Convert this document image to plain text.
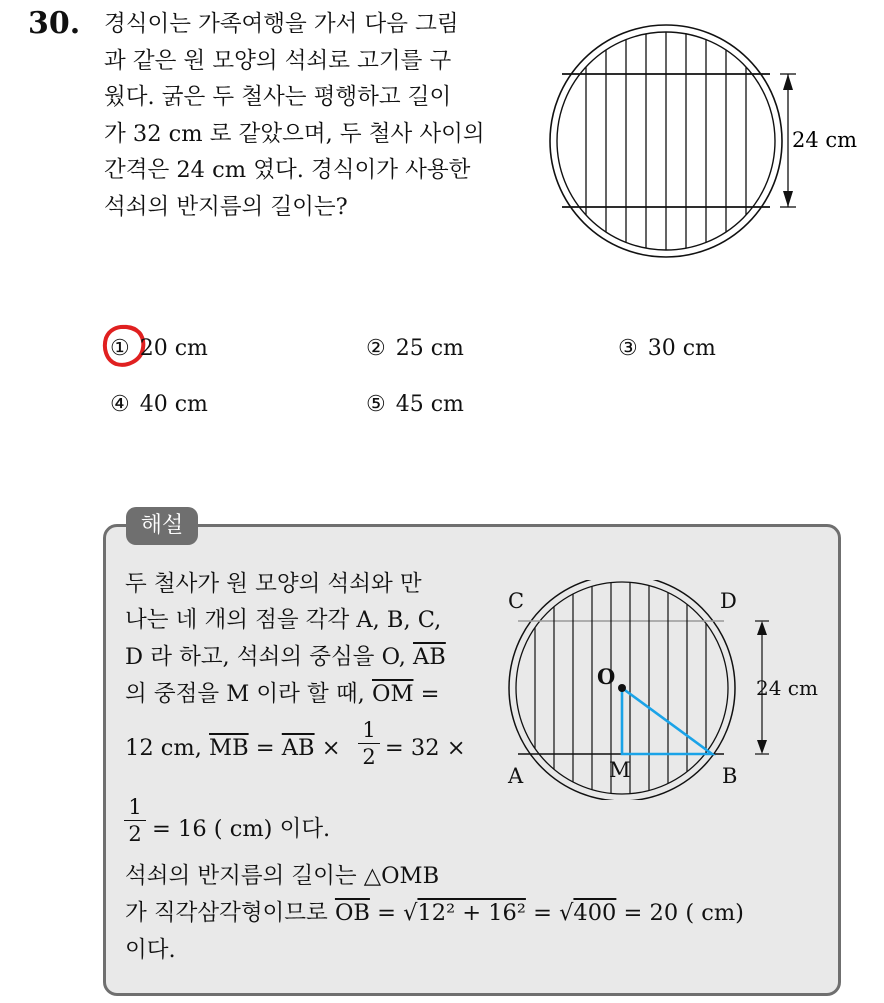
30. 경식이는 가족여행을 가서 다음 그림
과 같은 원 모양의 석쇠로 고기를 구
웠다. 굵은 두 철사는 평행하고 길이
가 32 cm 로 같았으며, 두 철사 사이의
간격은 24 cm 였다. 경식이가 사용한
석쇠의 반지름의 길이는?
24 cm
① 20 cm	② 25 cm	③ 30 cm
④ 40 cm	⑤ 45 cm
해설
두 철사가 원 모양의 석쇠와 만
나는 네 개의 점을 각각 A, B, C,
D 라 하고, 석쇠의 중심을 O, $\overline{AB}$
의 중점을 M 이라 할 때, $\overline{OM}$ =
12 cm, $\overline{MB} = \overline{AB}$ × = 32 ×
1
2
1
2 = 16 ( cm) 이다.
석쇠의 반지름의 길이는 △OMB
가 직각삼각형이므로 $\overline{OB} = √12^2 + 16^2 = √400 = 20$ ( cm)
이다.
C	D
A	B
O
M
24 cm
